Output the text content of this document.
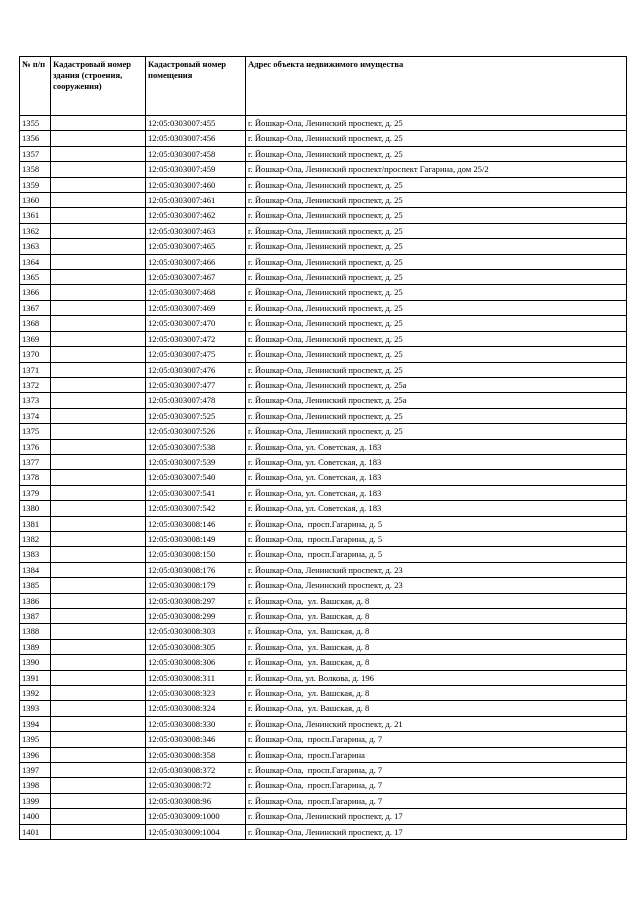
№ п/п	Кадастровый номер здания (строения, сооружения)	Кадастровый номер помещения	Адрес объекта недвижимого имущества
1355		12:05:0303007:455	г. Йошкар-Ола, Ленинский проспект, д. 25
1356		12:05:0303007:456	г. Йошкар-Ола, Ленинский проспект, д. 25
1357		12:05:0303007:458	г. Йошкар-Ола, Ленинский проспект, д. 25
1358		12:05:0303007:459	г. Йошкар-Ола, Ленинский проспект/проспект Гагарина, дом 25/2
1359		12:05:0303007:460	г. Йошкар-Ола, Ленинский проспект, д. 25
1360		12:05:0303007:461	г. Йошкар-Ола, Ленинский проспект, д. 25
1361		12:05:0303007:462	г. Йошкар-Ола, Ленинский проспект, д. 25
1362		12:05:0303007:463	г. Йошкар-Ола, Ленинский проспект, д. 25
1363		12:05:0303007:465	г. Йошкар-Ола, Ленинский проспект, д. 25
1364		12:05:0303007:466	г. Йошкар-Ола, Ленинский проспект, д. 25
1365		12:05:0303007:467	г. Йошкар-Ола, Ленинский проспект, д. 25
1366		12:05:0303007:468	г. Йошкар-Ола, Ленинский проспект, д. 25
1367		12:05:0303007:469	г. Йошкар-Ола, Ленинский проспект, д. 25
1368		12:05:0303007:470	г. Йошкар-Ола, Ленинский проспект, д. 25
1369		12:05:0303007:472	г. Йошкар-Ола, Ленинский проспект, д. 25
1370		12:05:0303007:475	г. Йошкар-Ола, Ленинский проспект, д. 25
1371		12:05:0303007:476	г. Йошкар-Ола, Ленинский проспект, д. 25
1372		12:05:0303007:477	г. Йошкар-Ола, Ленинский проспект, д. 25а
1373		12:05:0303007:478	г. Йошкар-Ола, Ленинский проспект, д. 25а
1374		12:05:0303007:525	г. Йошкар-Ола, Ленинский проспект, д. 25
1375		12:05:0303007:526	г. Йошкар-Ола, Ленинский проспект, д. 25
1376		12:05:0303007:538	г. Йошкар-Ола, ул. Советская, д. 183
1377		12:05:0303007:539	г. Йошкар-Ола, ул. Советская, д. 183
1378		12:05:0303007:540	г. Йошкар-Ола, ул. Советская, д. 183
1379		12:05:0303007:541	г. Йошкар-Ола, ул. Советская, д. 183
1380		12:05:0303007:542	г. Йошкар-Ола, ул. Советская, д. 183
1381		12:05:0303008:146	г. Йошкар-Ола,  просп.Гагарина, д. 5
1382		12:05:0303008:149	г. Йошкар-Ола,  просп.Гагарина, д. 5
1383		12:05:0303008:150	г. Йошкар-Ола,  просп.Гагарина, д. 5
1384		12:05:0303008:176	г. Йошкар-Ола, Ленинский проспект, д. 23
1385		12:05:0303008:179	г. Йошкар-Ола, Ленинский проспект, д. 23
1386		12:05:0303008:297	г. Йошкар-Ола,  ул. Вашская, д. 8
1387		12:05:0303008:299	г. Йошкар-Ола,  ул. Вашская, д. 8
1388		12:05:0303008:303	г. Йошкар-Ола,  ул. Вашская, д. 8
1389		12:05:0303008:305	г. Йошкар-Ола,  ул. Вашская, д. 8
1390		12:05:0303008:306	г. Йошкар-Ола,  ул. Вашская, д. 8
1391		12:05:0303008:311	г. Йошкар-Ола, ул. Волкова, д. 196
1392		12:05:0303008:323	г. Йошкар-Ола,  ул. Вашская, д. 8
1393		12:05:0303008:324	г. Йошкар-Ола,  ул. Вашская, д. 8
1394		12:05:0303008:330	г. Йошкар-Ола, Ленинский проспект, д. 21
1395		12:05:0303008:346	г. Йошкар-Ола,  просп.Гагарина, д. 7
1396		12:05:0303008:358	г. Йошкар-Ола,  просп.Гагарина
1397		12:05:0303008:372	г. Йошкар-Ола,  просп.Гагарина, д. 7
1398		12:05:0303008:72	г. Йошкар-Ола,  просп.Гагарина, д. 7
1399		12:05:0303008:96	г. Йошкар-Ола,  просп.Гагарина, д. 7
1400		12:05:0303009:1000	г. Йошкар-Ола, Ленинский проспект, д. 17
1401		12:05:0303009:1004	г. Йошкар-Ола, Ленинский проспект, д. 17
